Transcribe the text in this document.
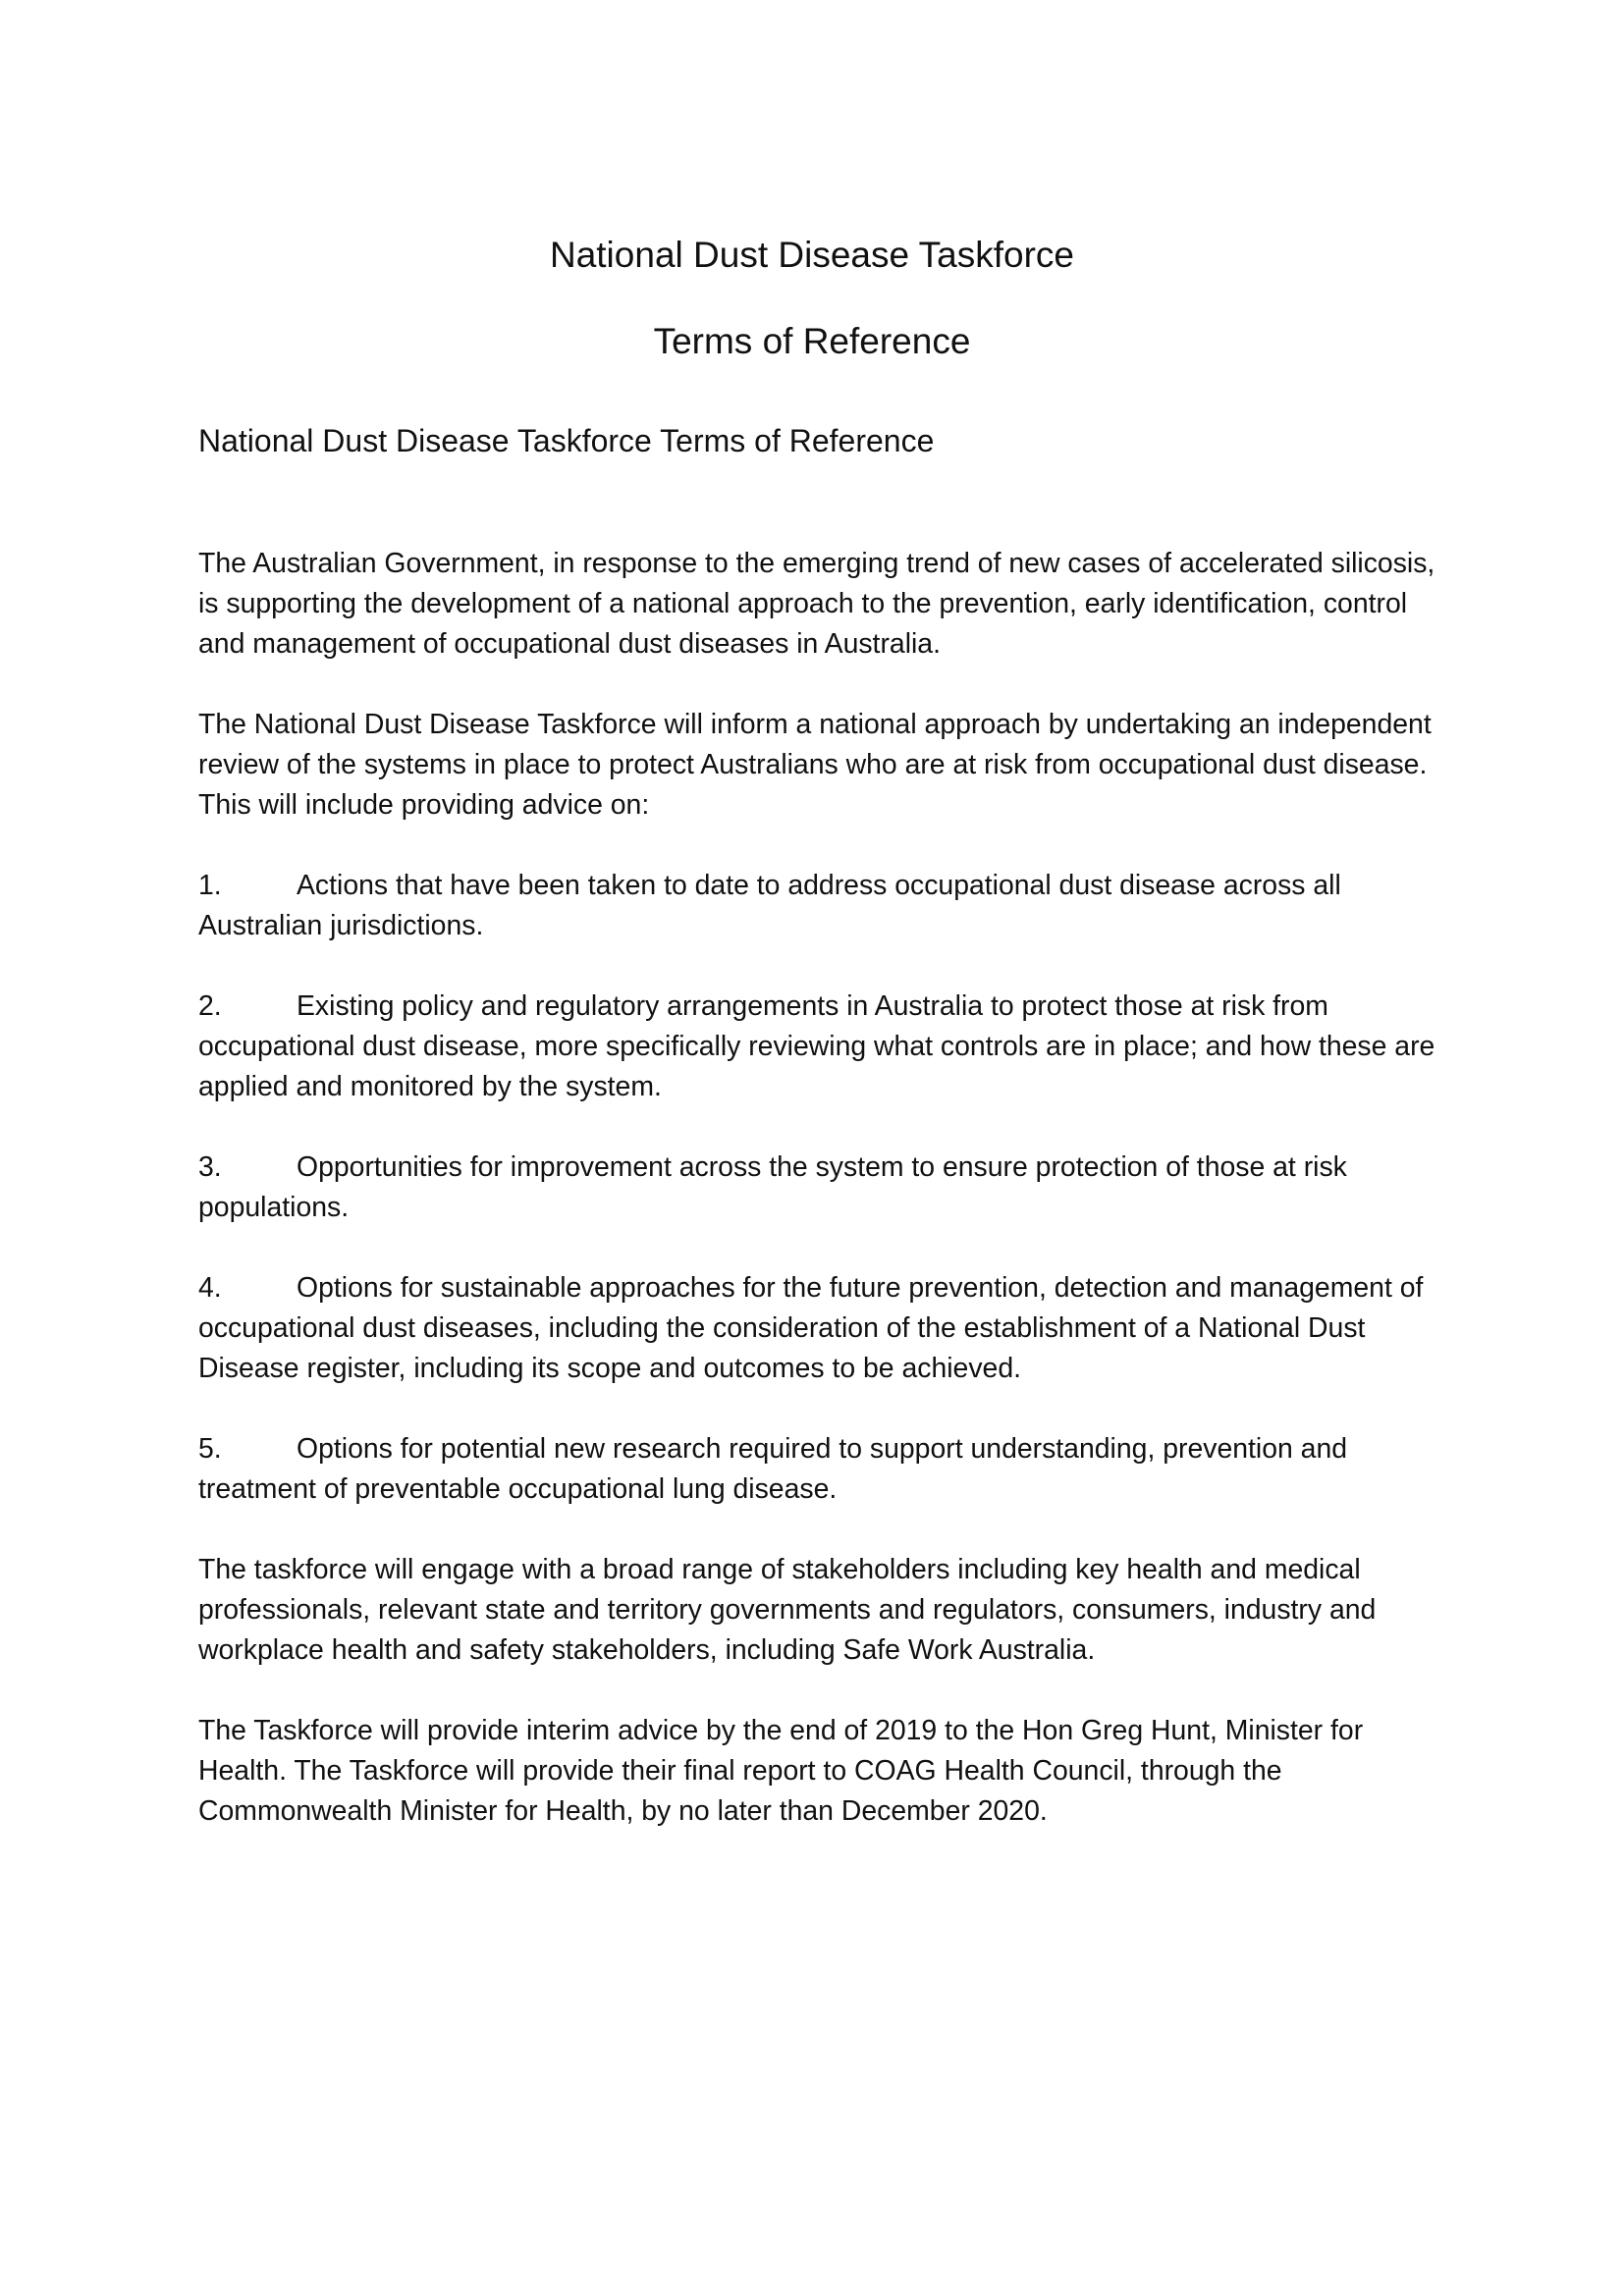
National Dust Disease Taskforce
Terms of Reference
National Dust Disease Taskforce Terms of Reference

The Australian Government, in response to the emerging trend of new cases of accelerated silicosis, is supporting the development of a national approach to the prevention, early identification, control and management of occupational dust diseases in Australia.

The National Dust Disease Taskforce will inform a national approach by undertaking an independent review of the systems in place to protect Australians who are at risk from occupational dust disease. This will include providing advice on:

1.	Actions that have been taken to date to address occupational dust disease across all Australian jurisdictions.

2.	Existing policy and regulatory arrangements in Australia to protect those at risk from occupational dust disease, more specifically reviewing what controls are in place; and how these are applied and monitored by the system.

3.	Opportunities for improvement across the system to ensure protection of those at risk populations.

4.	Options for sustainable approaches for the future prevention, detection and management of occupational dust diseases, including the consideration of the establishment of a National Dust Disease register, including its scope and outcomes to be achieved.

5.	Options for potential new research required to support understanding, prevention and treatment of preventable occupational lung disease.

The taskforce will engage with a broad range of stakeholders including key health and medical professionals, relevant state and territory governments and regulators, consumers, industry and workplace health and safety stakeholders, including Safe Work Australia.

The Taskforce will provide interim advice by the end of 2019 to the Hon Greg Hunt, Minister for Health. The Taskforce will provide their final report to COAG Health Council, through the Commonwealth Minister for Health, by no later than December 2020.
